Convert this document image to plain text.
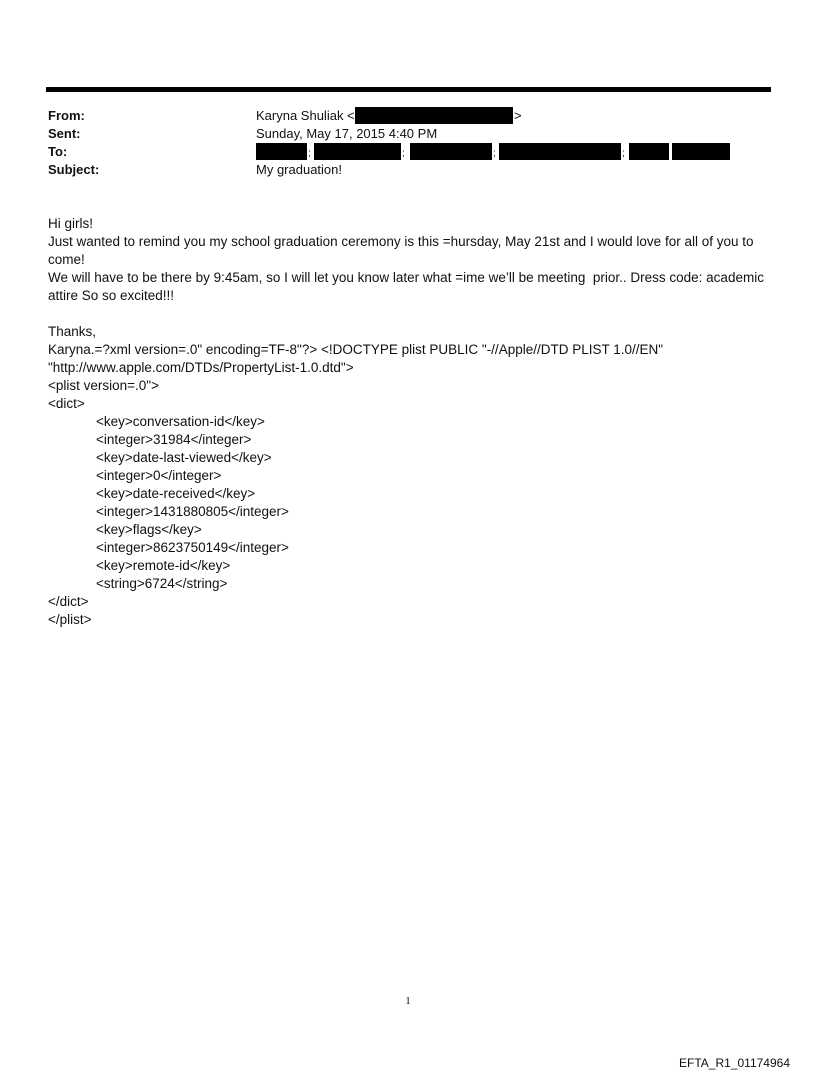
From:	Karyna Shuliak <	>
Sent:	Sunday, May 17, 2015 4:40 PM
To:	;	;	;	;
Subject:	My graduation!
Hi girls!
Just wanted to remind you my school graduation ceremony is this =hursday, May 21st and I would love for all of you to come!
We will have to be there by 9:45am, so I will let you know later what =ime we’ll be meeting  prior.. Dress code: academic attire So so excited!!!
Thanks,
Karyna.=?xml version=.0" encoding=TF-8"?> <!DOCTYPE plist PUBLIC "-//Apple//DTD PLIST 1.0//EN"
"http://www.apple.com/DTDs/PropertyList-1.0.dtd">
<plist version=.0">
<dict>
<key>conversation-id</key>
<integer>31984</integer>
<key>date-last-viewed</key>
<integer>0</integer>
<key>date-received</key>
<integer>1431880805</integer>
<key>flags</key>
<integer>8623750149</integer>
<key>remote-id</key>
<string>6724</string>
</dict>
</plist>
1
EFTA_R1_01174964
